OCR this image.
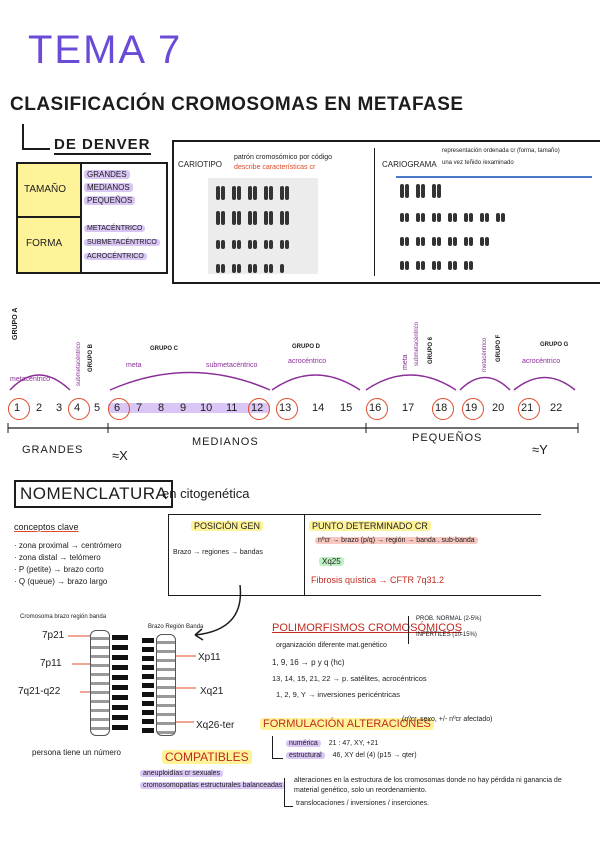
TEMA 7
CLASIFICACIÓN CROMOSOMAS EN METAFASE
DE DENVER
TAMAÑO
GRANDES
MEDIANOS
PEQUEÑOS
FORMA
METACÉNTRICO
SUBMETACÉNTRICO
ACROCÉNTRICO
CARIOTIPO
patrón cromosómico por código
describe características cr	CARIOGRAMA
representación ordenada cr (forma, tamaño)
una vez teñido /examinado
GRUPO A
metacéntrico	submetacéntrico GRUPO B	GRUPO C
meta	submetacéntrico
GRUPO D
acrocéntrico	meta submetacéntrico GRUPO 6	metacéntrico GRUPO F	GRUPO G
acrocéntrico
1 2 3 4 5 6 7 8 9 10 11 12 13 14 15 16 17 18 19 20 21 22
GRANDES
MEDIANOS	PEQUEÑOS
≈X	≈Y
NOMENCLATURA
en citogenética
conceptos clave
· zona proximal → centrómero
· zona distal → telómero
· P (petite) → brazo corto
· Q (queue) → brazo largo
POSICIÓN GEN
Brazo → regiones → bandas
PUNTO DETERMINADO CR
nºcr → brazo (p/q) → región → banda . sub-banda
Xq25
Fibrosis quística → CFTR 7q31.2
Cromosoma brazo región banda
Brazo Región Banda
7p21
7p11
7q21-q22
Xp11
Xq21
Xq26-ter
persona tiene un número
POLIMORFISMOS CROMOSÓMICOS
PROB. NORMAL (2-5%)
INFERTILES (10-15%)
organización diferente mat.genético
1, 9, 16 → p y q (hc)
13, 14, 15, 21, 22 → p. satélites, acrocéntricos
1, 2, 9, Y → inversiones pericéntricas
FORMULACIÓN ALTERACIONES
(nºcr, sexo, +/- nºcr afectado)
numérica 21 : 47, XY, +21
estructural 46, XY del (4) (p15 → qter)
COMPATIBLES
aneuploidías cr sexuales
cromosomopatías estructurales balanceadas
alteraciones en la estructura de los cromosomas donde no hay pérdida ni ganancia de material genético, solo un reordenamiento.
translocaciones / inversiones / inserciones.
